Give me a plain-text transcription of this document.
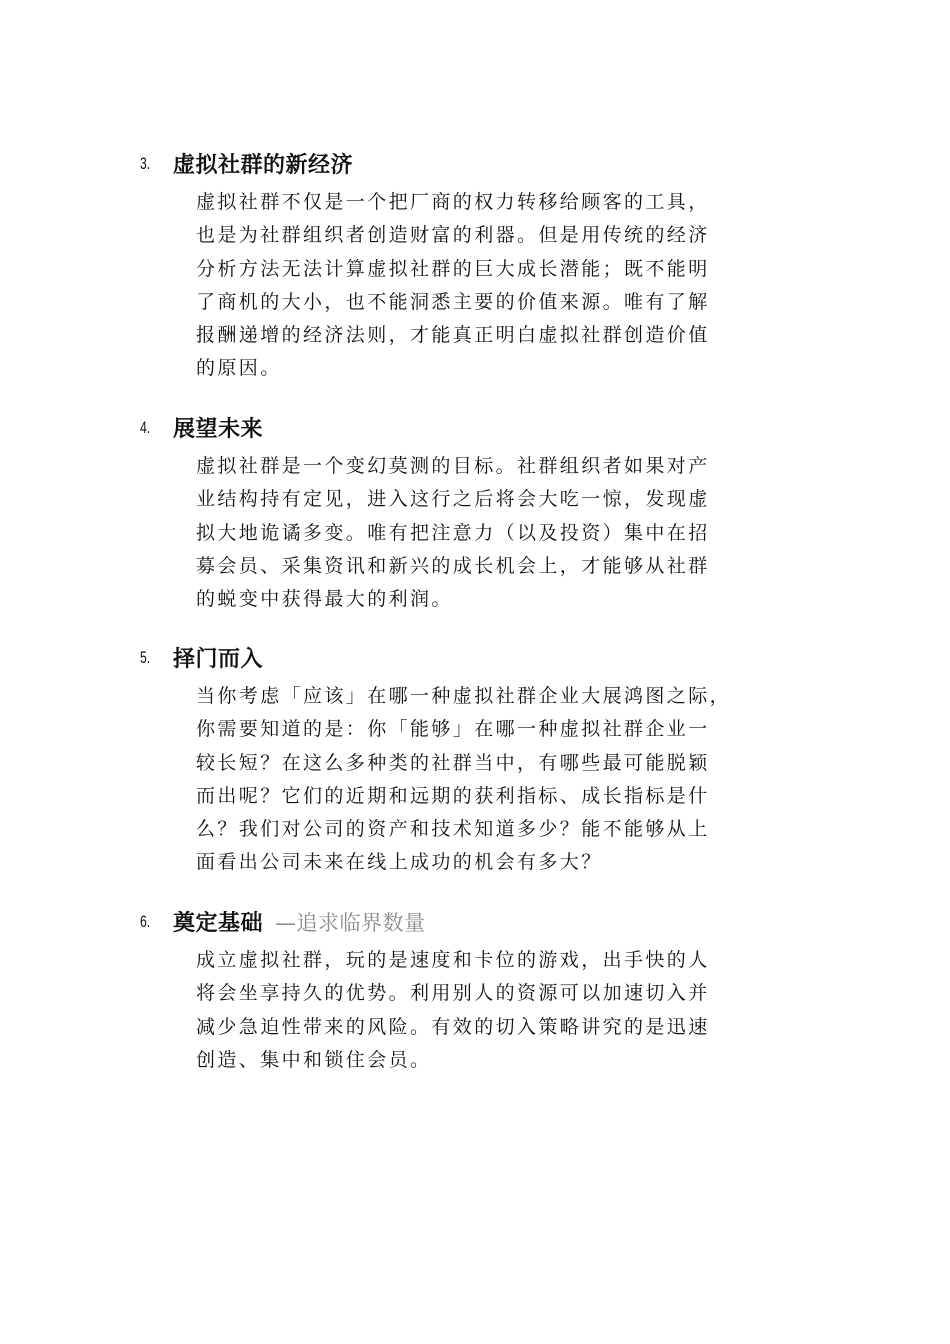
3. 虚拟社群的新经济
虚拟社群不仅是一个把厂商的权力转移给顾客的工具，
也是为社群组织者创造财富的利器。但是用传统的经济
分析方法无法计算虚拟社群的巨大成长潜能；既不能明
了商机的大小，也不能洞悉主要的价值来源。唯有了解
报酬递增的经济法则，才能真正明白虚拟社群创造价值
的原因。
4. 展望未来
虚拟社群是一个变幻莫测的目标。社群组织者如果对产
业结构持有定见，进入这行之后将会大吃一惊，发现虚
拟大地诡谲多变。唯有把注意力（以及投资）集中在招
募会员、采集资讯和新兴的成长机会上，才能够从社群
的蜕变中获得最大的利润。
5. 择门而入
当你考虑「应该」在哪一种虚拟社群企业大展鸿图之际，
你需要知道的是：你「能够」在哪一种虚拟社群企业一
较长短？在这么多种类的社群当中，有哪些最可能脱颖
而出呢？它们的近期和远期的获利指标、成长指标是什
么？我们对公司的资产和技术知道多少？能不能够从上
面看出公司未来在线上成功的机会有多大？
6. 奠定基础 —追求临界数量
成立虚拟社群，玩的是速度和卡位的游戏，出手快的人
将会坐享持久的优势。利用别人的资源可以加速切入并
减少急迫性带来的风险。有效的切入策略讲究的是迅速
创造、集中和锁住会员。
